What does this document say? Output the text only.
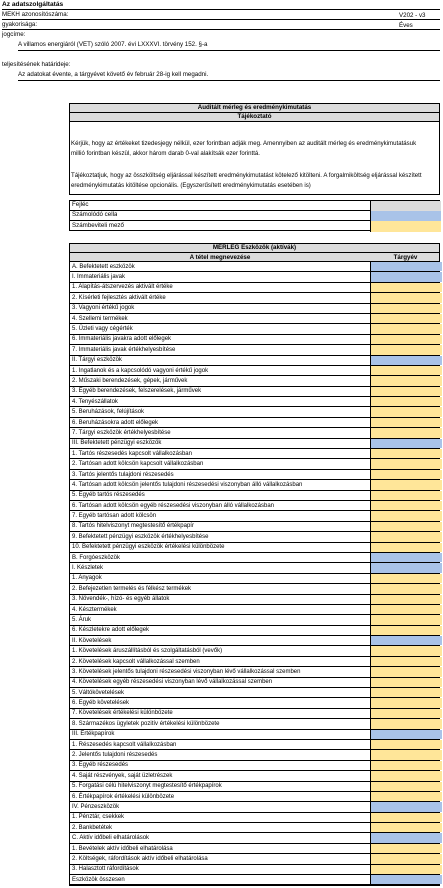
Az adatszolgáltatás
MEKH azonosítószáma:	V202 - v3
gyakorisága:	Éves
jogcíme:
A villamos energiáról (VET) szóló 2007. évi LXXXVI. törvény 152. §-a
teljesítésének határideje:
Az adatokat évente, a tárgyévet követő év február 28-ig kell megadni.
Auditált mérleg és eredménykimutatás
Tájékoztató
Kérjük, hogy az értékeket tizedesjegy nélkül, ezer forintban adják meg. Amennyiben az auditált mérleg és eredménykimutatásuk millió forintban készül, akkor három darab 0-val alakítsák ezer forinttá.
Tájékoztatjuk, hogy az összköltség eljárással készített eredménykimutatást kötelező kitölteni. A forgalmiköltség eljárással készített eredménykimutatás kitöltése opcionális. (Egyszerűsített eredménykimutatás esetében is)
Fejléc
Számolódó cella
Számbeviteli mező
MÉRLEG Eszközök (aktívák)
A tétel megnevezése	Tárgyév
A. Befektetett eszközök
I. Immateriális javak
1. Alapítás-átszervezés aktivált értéke
2. Kísérleti fejlesztés aktivált értéke
3. Vagyoni értékű jogok
4. Szellemi termékek
5. Üzleti vagy cégérték
6. Immateriális javakra adott előlegek
7. Immateriális javak értékhelyesbítése
II. Tárgyi eszközök
1. Ingatlanok és a kapcsolódó vagyoni értékű jogok
2. Műszaki berendezések, gépek, járművek
3. Egyéb berendezések, felszerelések, járművek
4. Tenyészállatok
5. Beruházások, felújítások
6. Beruházásokra adott előlegek
7. Tárgyi eszközök értékhelyesbítése
III. Befektetett pénzügyi eszközök
1. Tartós részesedés kapcsolt vállalkozásban
2. Tartósan adott kölcsön kapcsolt vállalkozásban
3. Tartós jelentős tulajdoni részesedés
4. Tartósan adott kölcsön jelentős tulajdoni részesedési viszonyban álló vállalkozásban
5. Egyéb tartós részesedés
6. Tartósan adott kölcsön egyéb részesedési viszonyban álló vállalkozásban
7. Egyéb tartósan adott kölcsön
8. Tartós hitelviszonyt megtestesítő értékpapír
9. Befektetett pénzügyi eszközök értékhelyesbítése
10. Befektetett pénzügyi eszközök értékelési különbözete
B. Forgóeszközök
I. Készletek
1. Anyagok
2. Befejezetlen termelés és félkész termékek
3. Növendék-, hízó- és egyéb állatok
4. Késztermékek
5. Áruk
6. Készletekre adott előlegek
II. Követelések
1. Követelések áruszállításból és szolgáltatásból (vevők)
2. Követelések kapcsolt vállalkozással szemben
3. Követelések jelentős tulajdoni részesedési viszonyban lévő vállalkozással szemben
4. Követelések egyéb részesedési viszonyban lévő vállalkozással szemben
5. Váltókövetelések
6. Egyéb követelések
7. Követelések értékelési különbözete
8. Származékos ügyletek pozitív értékelési különbözete
III. Értékpapírok
1. Részesedés kapcsolt vállalkozásban
2. Jelentős tulajdoni részesedés
3. Egyéb részesedés
4. Saját részvények, saját üzletrészek
5. Forgatási célú hitelviszonyt megtestesítő értékpapírok
6. Értékpapírok értékelési különbözete
IV. Pénzeszközök
1. Pénztár, csekkek
2. Bankbetétek
C. Aktív időbeli elhatárolások
1. Bevételek aktív időbeli elhatárolása
2. Költségek, ráfordítások aktív időbeli elhatárolása
3. Halasztott ráfordítások
Eszközök összesen
